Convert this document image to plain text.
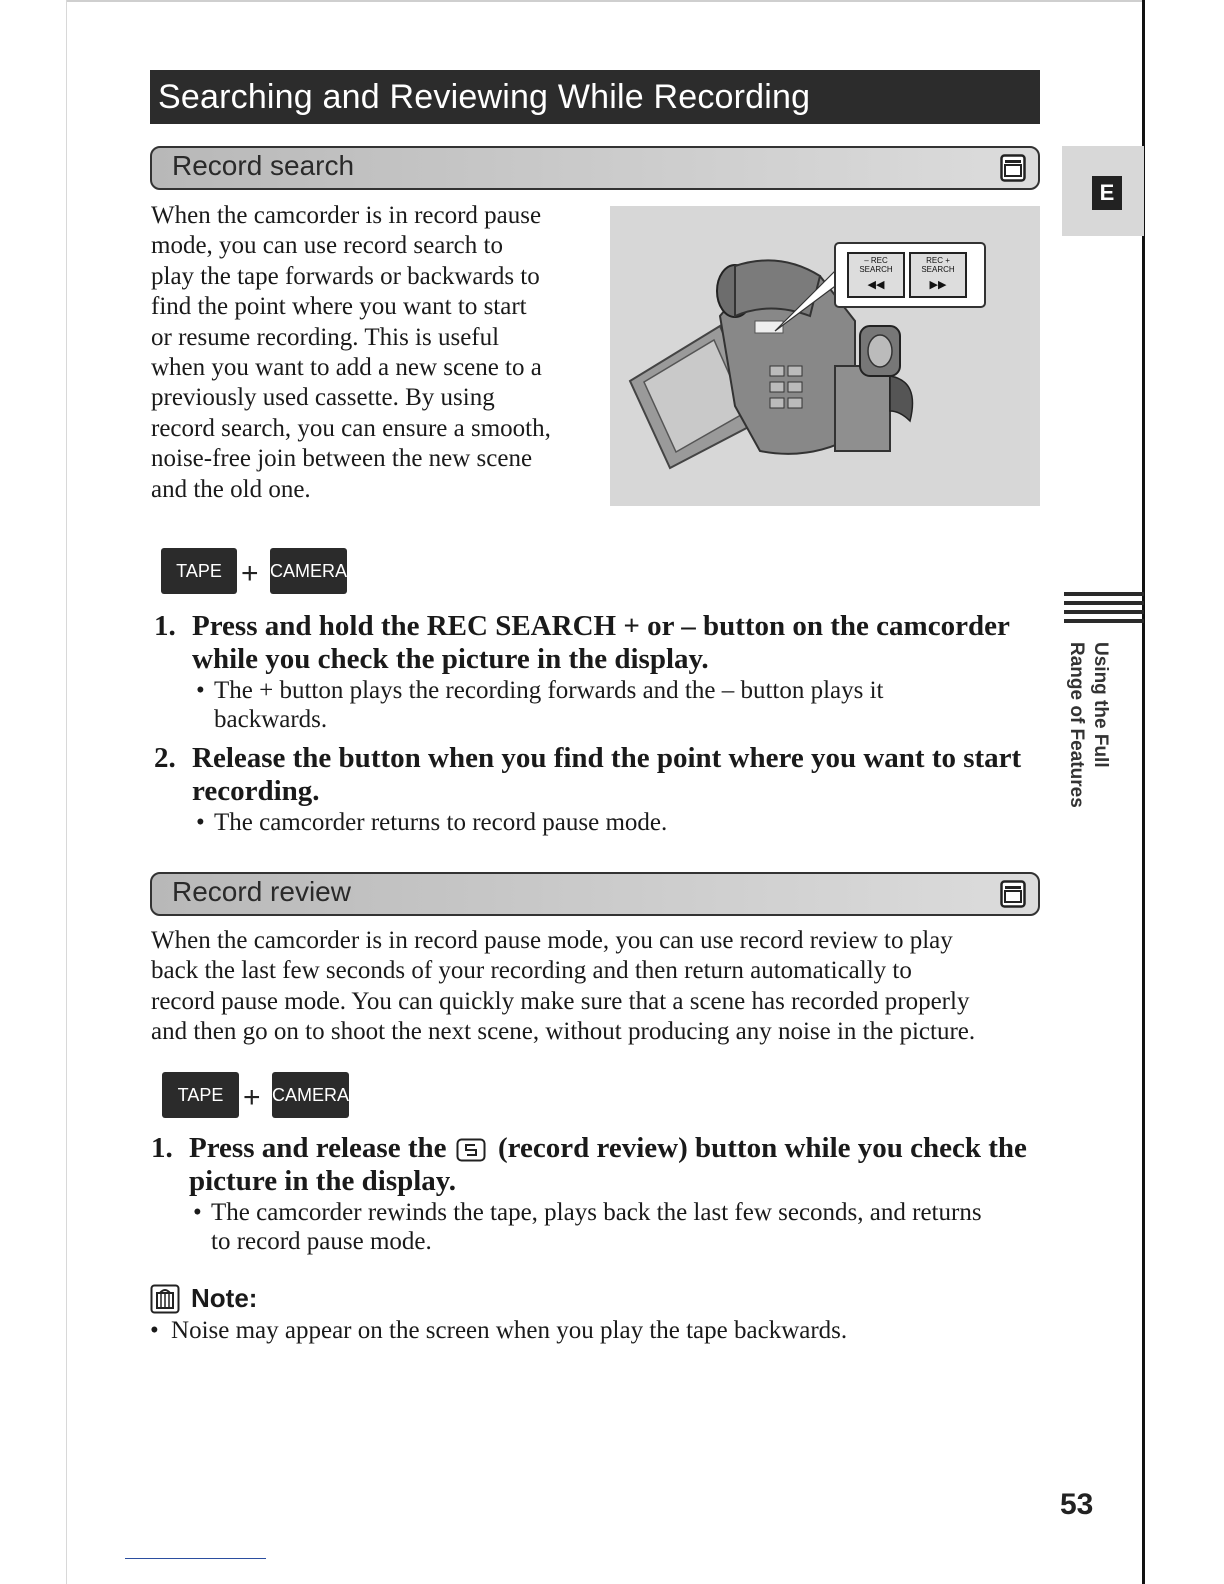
Searching and Reviewing While Recording
Record search

When the camcorder is in record pause

mode, you can use record search to

play the tape forwards or backwards to

find the point where you want to start

or resume recording. This is useful

when you want to add a new scene to a

previously used cassette. By using

record search, you can ensure a smooth,

noise-free join between the new scene

and the old one.

– REC SEARCH
REC + SEARCH
◀◀	▶▶
TAPE + CAMERA
1. Press and hold the REC SEARCH + or – button on the camcorder
while you check the picture in the display.
• The + button plays the recording forwards and the – button plays it
backwards.
2. Release the button when you find the point where you want to start
recording.
• The camcorder returns to record pause mode.
Record review

When the camcorder is in record pause mode, you can use record review to play

back the last few seconds of your recording and then return automatically to

record pause mode. You can quickly make sure that a scene has recorded properly

and then go on to shoot the next scene, without producing any noise in the picture.

TAPE + CAMERA
1. Press and release the (record review) button while you check the
picture in the display.
• The camcorder rewinds the tape, plays back the last few seconds, and returns
to record pause mode.
Note:
• Noise may appear on the screen when you play the tape backwards.
E
Using the Full
Range of Features
53
